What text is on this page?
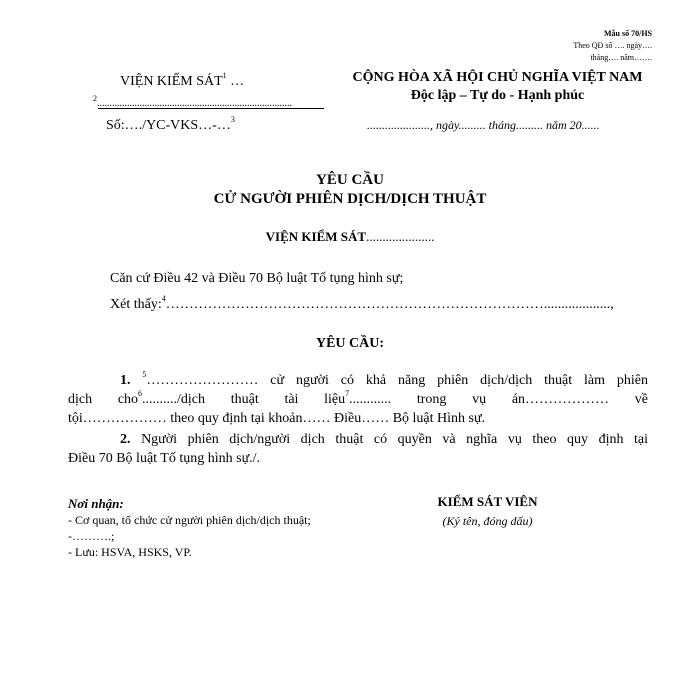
Mẫu số 70/HS
Theo QĐ số …. ngày….
tháng…. năm…….
VIỆN KIỂM SÁT$^1$ …
$^2$..............................................................................
Số:…./YC-VKS…-…$^3$
CỘNG HÒA XÃ HỘI CHỦ NGHĨA VIỆT NAM
Độc lập – Tự do - Hạnh phúc
....................., ngày......... tháng......... năm 20......
YÊU CẦU
CỬ NGƯỜI PHIÊN DỊCH/DỊCH THUẬT
VIỆN KIỂM SÁT.....................
Căn cứ Điều 42 và Điều 70 Bộ luật Tố tụng hình sự;
Xét thấy:$^4$………………………………………………………………………...................,
YÊU CẦU:
1. $^5$…………………… cử người có khả năng phiên dịch/dịch thuật làm phiên
dịch cho$^6$........../dịch thuật tài liệu$^7$............ trong vụ án……………… về
tội……………… theo quy định tại khoản…… Điều…… Bộ luật Hình sự.
2. Người phiên dịch/người dịch thuật có quyền và nghĩa vụ theo quy định tại
Điều 70 Bộ luật Tố tụng hình sự./.
Nơi nhận:
- Cơ quan, tổ chức cử người phiên dịch/dịch thuật;
-……….;
- Lưu: HSVA, HSKS, VP.
KIỂM SÁT VIÊN
(Ký tên, đóng dấu)
